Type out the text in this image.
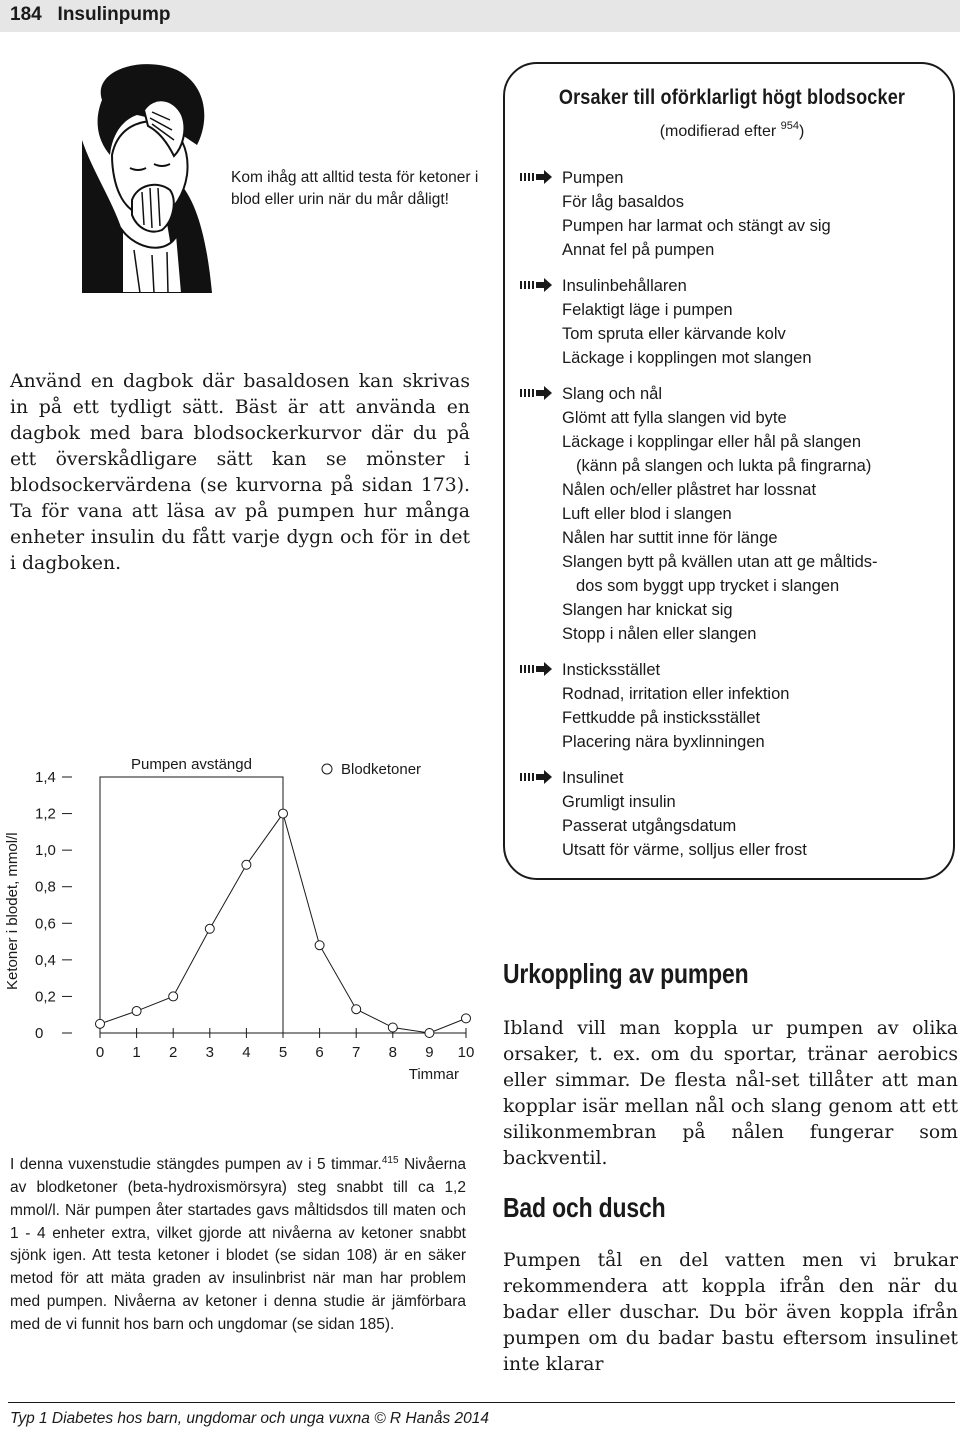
184 Insulinpump
Kom ihåg att alltid testa för ketoner i blod eller urin när du mår dåligt!
Använd en dagbok där basaldosen kan skrivas in på ett tydligt sätt. Bäst är att använda en dagbok med bara blodsockerkurvor där du på ett överskådligare sätt kan se mönster i blodsockervärdena (se kurvorna på sidan 173). Ta för vana att läsa av på pumpen hur många enheter insulin du fått varje dygn och för in det i dagboken.
Ketoner i blodet, mmol/l
0
0,2
0,4
0,6
0,8
1,0
1,2
1,4
0 1 2 3 4 5 6 7 8 9 10
Timmar
Pumpen avstängd	Blodketoner
I denna vuxenstudie stängdes pumpen av i 5 timmar.$^{415}$ Nivåerna av blodketoner (beta-hydroxismörsyra) steg snabbt till ca 1,2 mmol/l. När pumpen åter startades gavs måltidsdos till maten och 1 - 4 enheter extra, vilket gjorde att nivåerna av ketoner snabbt sjönk igen. Att testa ketoner i blodet (se sidan 108) är en säker metod för att mäta graden av insulinbrist när man har problem med pumpen. Nivåerna av ketoner i denna studie är jämförbara med de vi funnit hos barn och ungdomar (se sidan 185).
Orsaker till oförklarligt högt blodsocker
(modifierad efter $^{954}$)
Pumpen
För låg basaldos
Pumpen har larmat och stängt av sig
Annat fel på pumpen
Insulinbehållaren
Felaktigt läge i pumpen
Tom spruta eller kärvande kolv
Läckage i kopplingen mot slangen
Slang och nål
Glömt att fylla slangen vid byte
Läckage i kopplingar eller hål på slangen
(känn på slangen och lukta på fingrarna)
Nålen och/eller plåstret har lossnat
Luft eller blod i slangen
Nålen har suttit inne för länge
Slangen bytt på kvällen utan att ge måltids-
dos som byggt upp trycket i slangen
Slangen har knickat sig
Stopp i nålen eller slangen
Insticksstället
Rodnad, irritation eller infektion
Fettkudde på insticksstället
Placering nära byxlinningen
Insulinet
Grumligt insulin
Passerat utgångsdatum
Utsatt för värme, solljus eller frost
Urkoppling av pumpen
Ibland vill man koppla ur pumpen av olika orsaker, t. ex. om du sportar, tränar aerobics eller simmar. De flesta nål-set tillåter att man kopplar isär mellan nål och slang genom att ett silikonmembran på nålen fungerar som backventil.
Bad och dusch
Pumpen tål en del vatten men vi brukar rekommendera att koppla ifrån den när du badar eller duschar. Du bör även koppla ifrån pumpen om du badar bastu eftersom insulinet inte klarar
Typ 1 Diabetes hos barn, ungdomar och unga vuxna © R Hanås 2014
